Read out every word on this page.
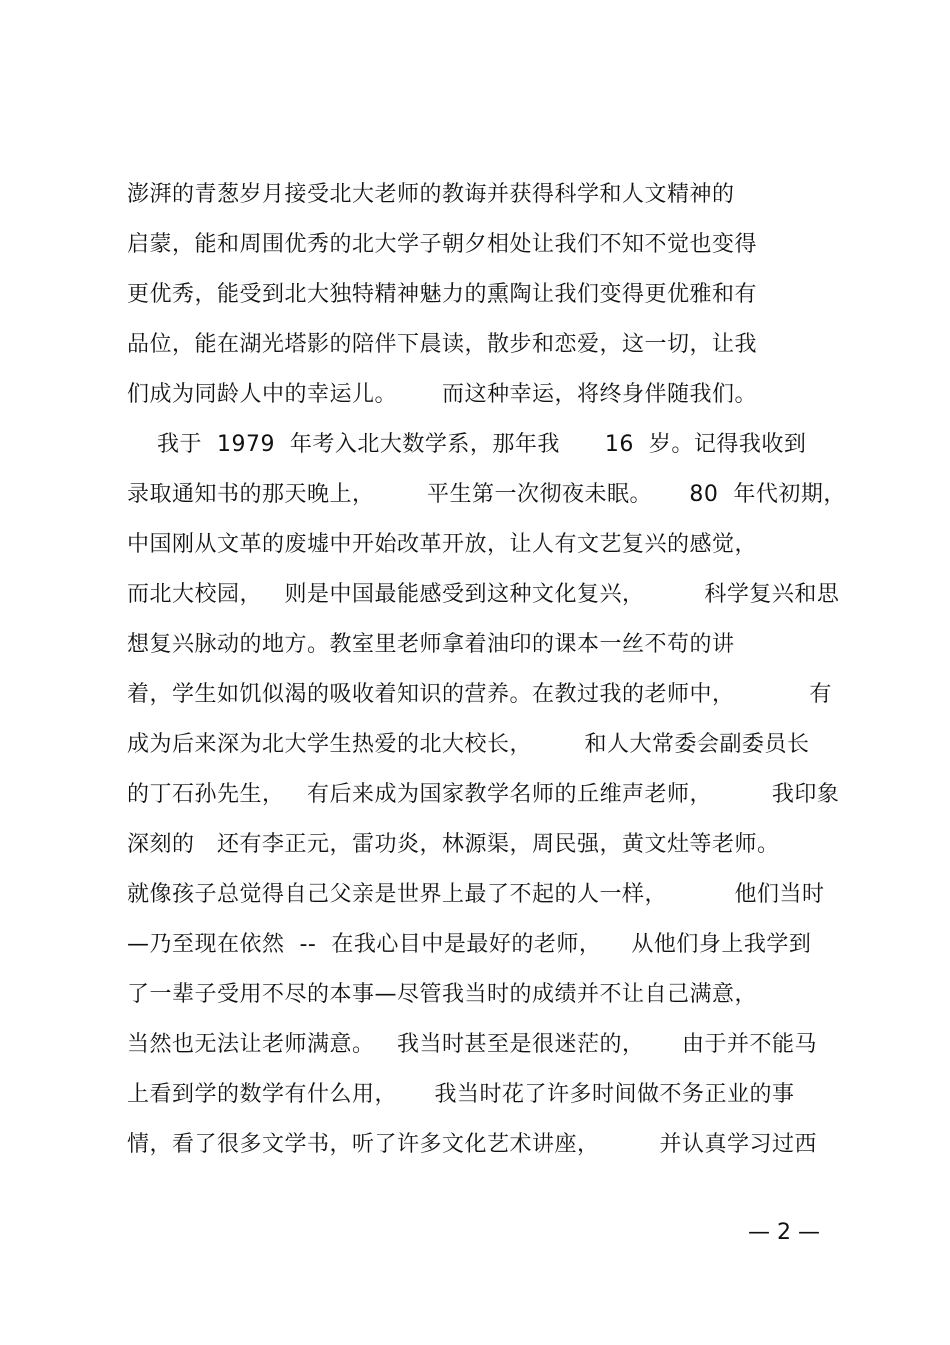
澎湃的青葱岁月接受北大老师的教诲并获得科学和人文精神的
启蒙，能和周围优秀的北大学子朝夕相处让我们不知不觉也变得
更优秀，能受到北大独特精神魅力的熏陶让我们变得更优雅和有
品位，能在湖光塔影的陪伴下晨读，散步和恋爱，这一切，让我
们成为同龄人中的幸运儿。      而这种幸运，将终身伴随我们。
我于  1979  年考入北大数学系，那年我      16  岁。记得我收到
录取通知书的那天晚上，       平生第一次彻夜未眠。     80  年代初期，
中国刚从文革的废墟中开始改革开放，让人有文艺复兴的感觉，
而北大校园，   则是中国最能感受到这种文化复兴，        科学复兴和思
想复兴脉动的地方。教室里老师拿着油印的课本一丝不苟的讲
着，学生如饥似渴的吸收着知识的营养。在教过我的老师中，          有
成为后来深为北大学生热爱的北大校长，       和人大常委会副委员长
的丁石孙先生，   有后来成为国家教学名师的丘维声老师，        我印象
深刻的   还有李正元，雷功炎，林源渠，周民强，黄文灶等老师。
就像孩子总觉得自己父亲是世界上最了不起的人一样，         他们当时
—乃至现在依然  --  在我心目中是最好的老师，    从他们身上我学到
了一辈子受用不尽的本事—尽管我当时的成绩并不让自己满意，
当然也无法让老师满意。   我当时甚至是很迷茫的，     由于并不能马
上看到学的数学有什么用，     我当时花了许多时间做不务正业的事
情，看了很多文学书，听了许多文化艺术讲座，        并认真学习过西
— 2 —
